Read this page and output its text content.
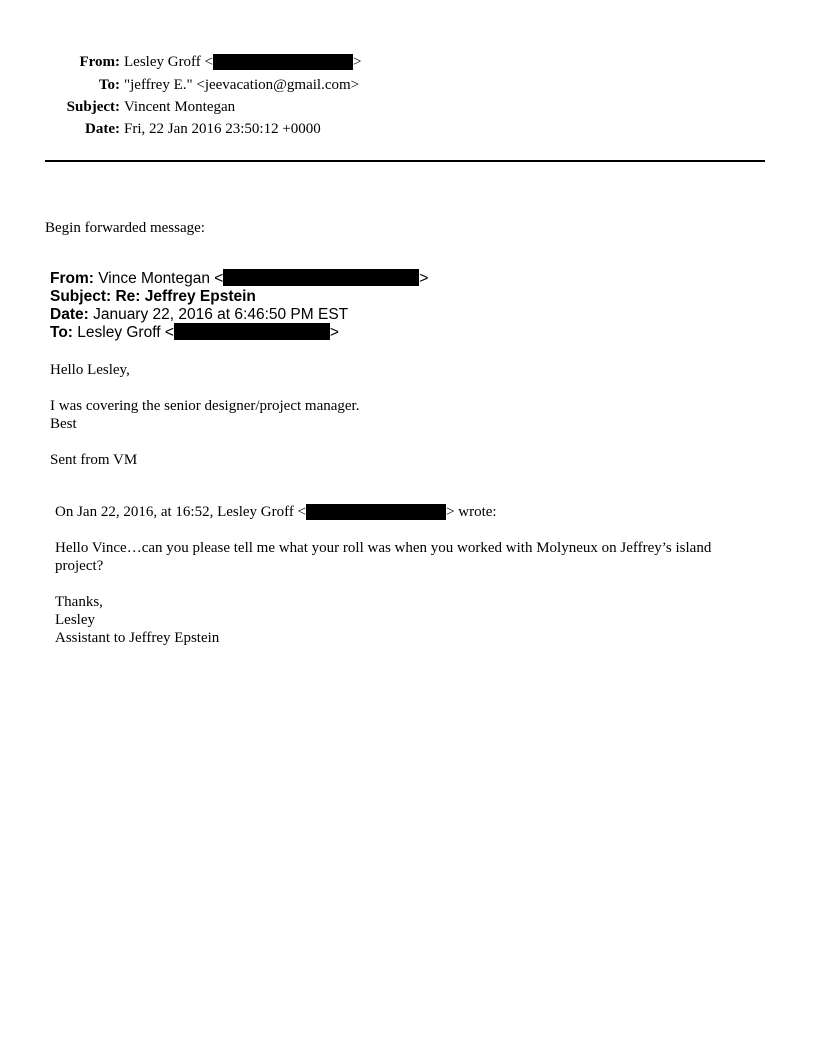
From: Lesley Groff <	>
To: "jeffrey E." <jeevacation@gmail.com>
Subject: Vincent Montegan
Date: Fri, 22 Jan 2016 23:50:12 +0000
Begin forwarded message:
From: Vince Montegan <	>
Subject: Re: Jeffrey Epstein
Date: January 22, 2016 at 6:46:50 PM EST
To: Lesley Groff <	>
Hello Lesley,
I was covering the senior designer/project manager.
Best
Sent from VM
On Jan 22, 2016, at 16:52, Lesley Groff <	> wrote:
Hello Vince…can you please tell me what your roll was when you worked with Molyneux on Jeffrey’s island
project?
Thanks,
Lesley
Assistant to Jeffrey Epstein
